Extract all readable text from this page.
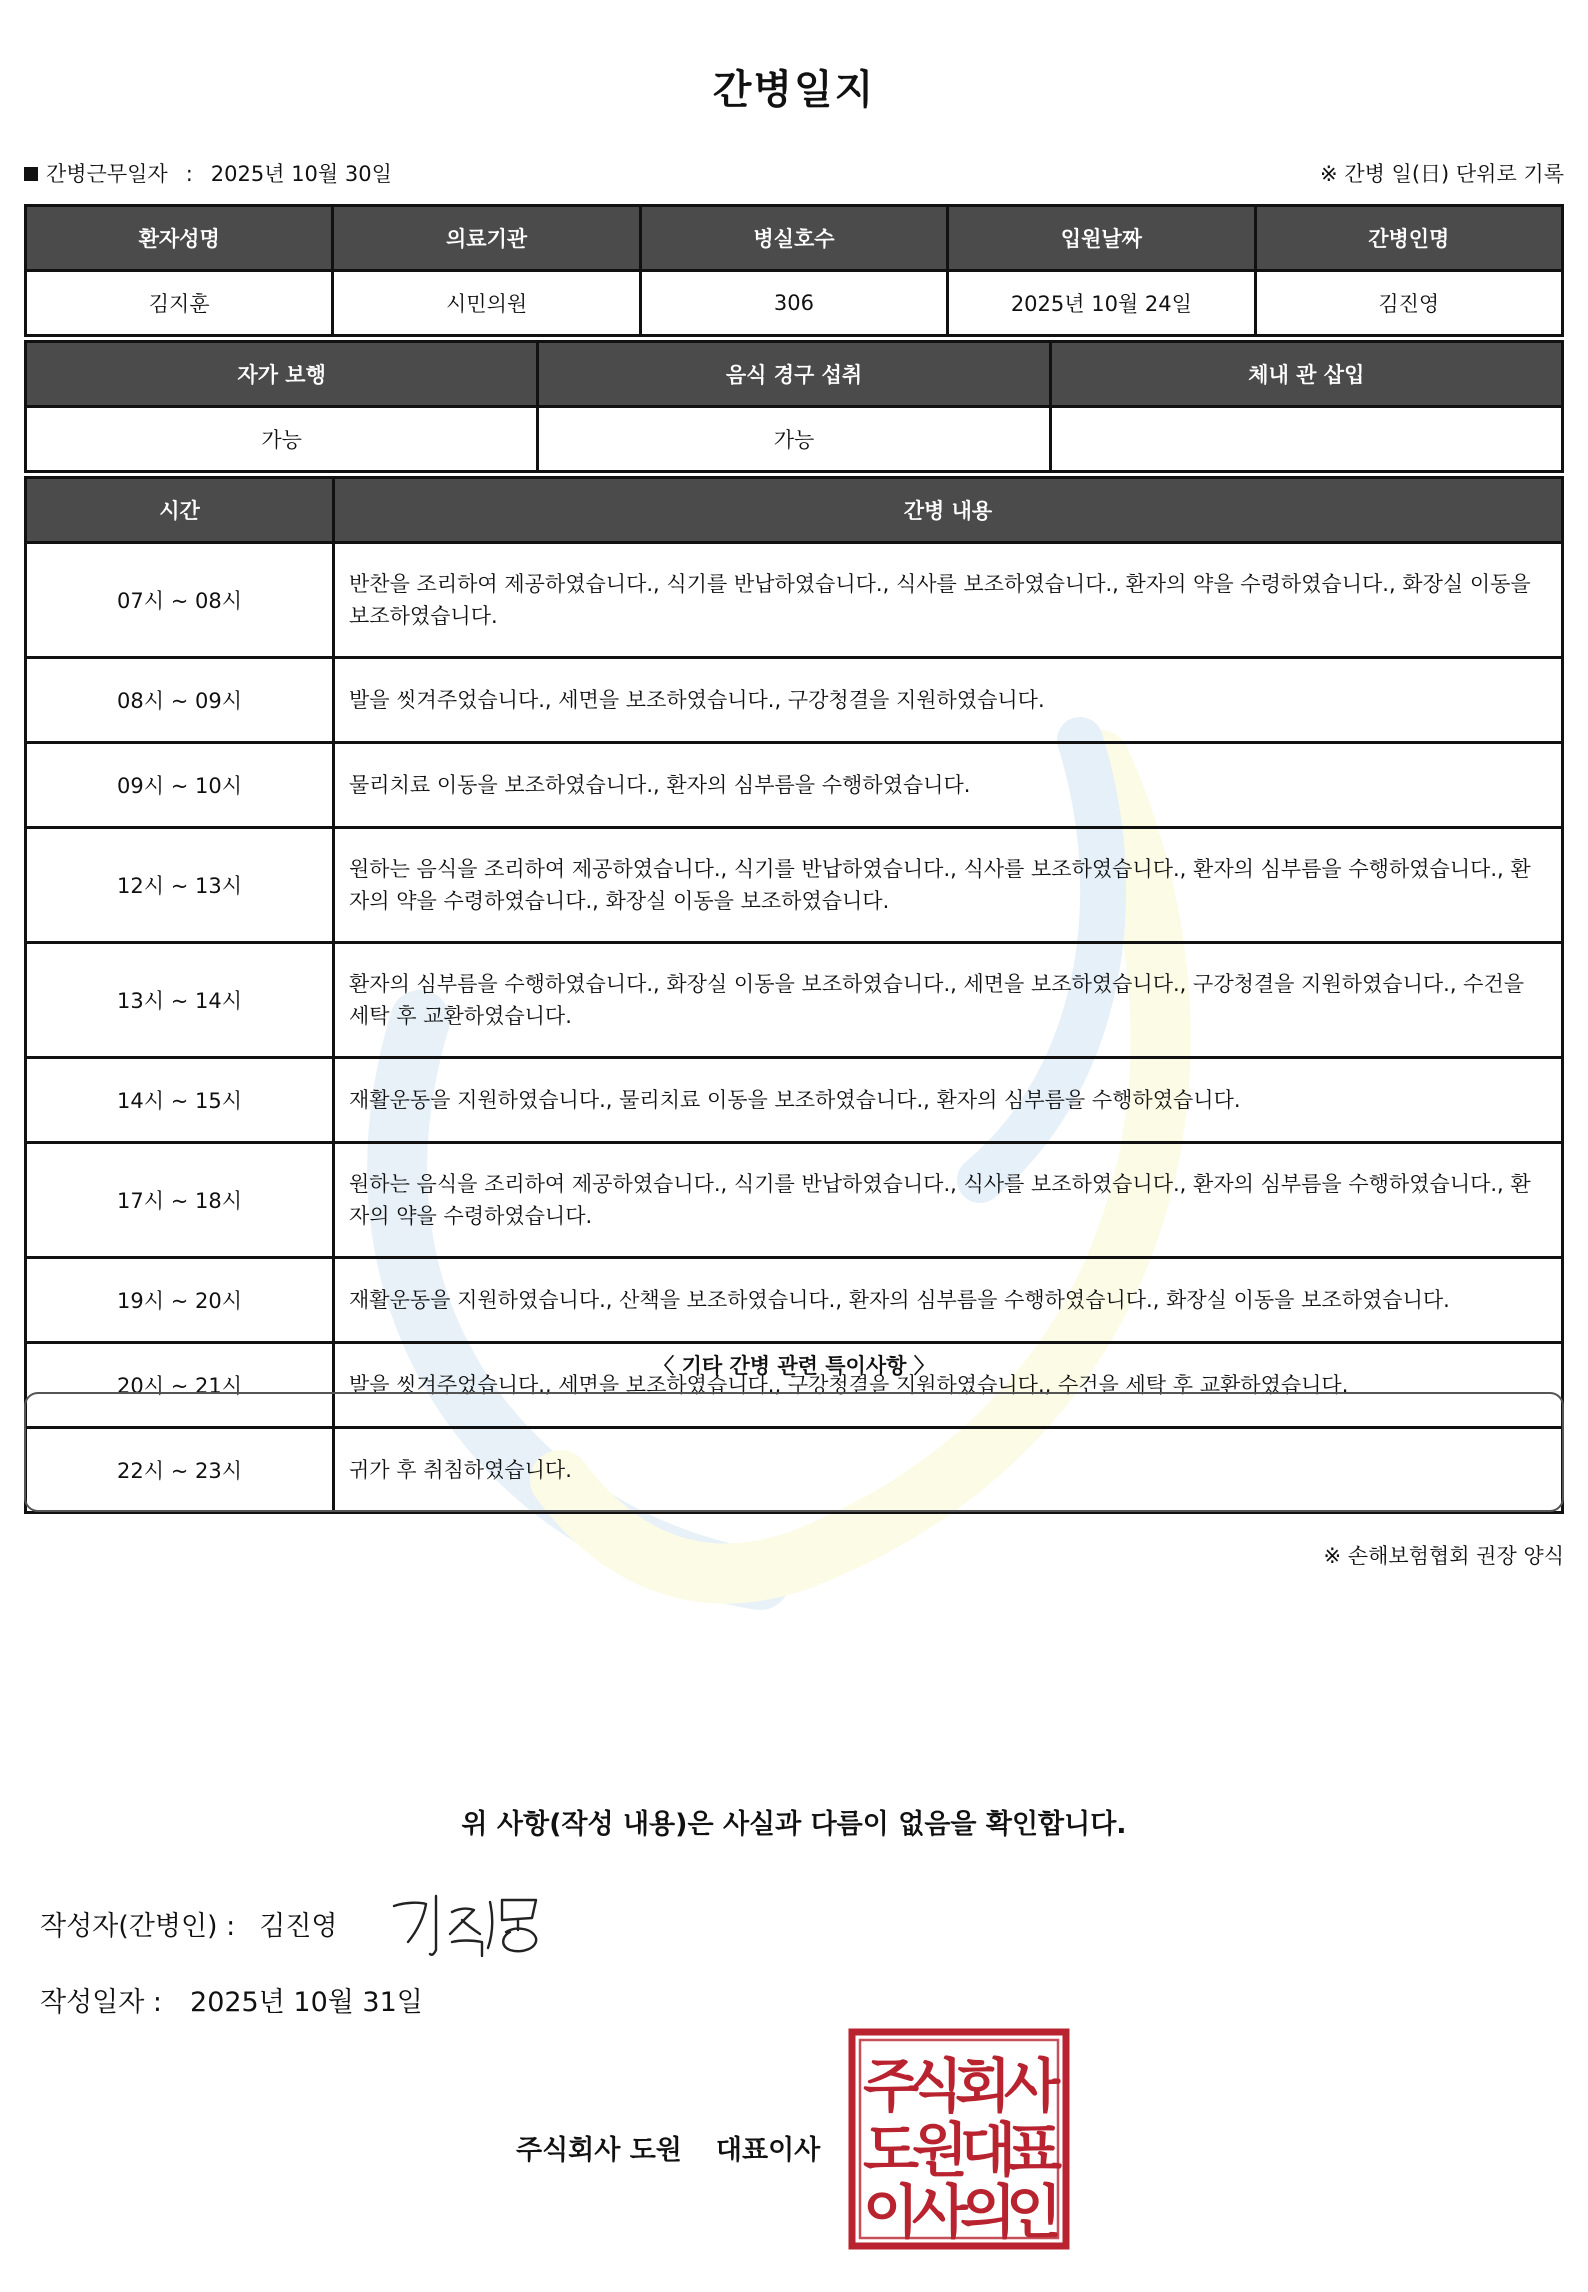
간병일지
간병근무일자 : 2025년 10월 30일	※ 간병 일(日) 단위로 기록
환자성명	의료기관	병실호수	입원날짜	간병인명
김지훈	시민의원	306	2025년 10월 24일	김진영
자가 보행	음식 경구 섭취	체내 관 삽입
가능	가능	
시간	간병 내용
07시 ~ 08시	반찬을 조리하여 제공하였습니다., 식기를 반납하였습니다., 식사를 보조하였습니다., 환자의 약을 수령하였습니다., 화장실 이동을 보조하였습니다.
08시 ~ 09시	발을 씻겨주었습니다., 세면을 보조하였습니다., 구강청결을 지원하였습니다.
09시 ~ 10시	물리치료 이동을 보조하였습니다., 환자의 심부름을 수행하였습니다.
12시 ~ 13시	원하는 음식을 조리하여 제공하였습니다., 식기를 반납하였습니다., 식사를 보조하였습니다., 환자의 심부름을 수행하였습니다., 환자의 약을 수령하였습니다., 화장실 이동을 보조하였습니다.
13시 ~ 14시	환자의 심부름을 수행하였습니다., 화장실 이동을 보조하였습니다., 세면을 보조하였습니다., 구강청결을 지원하였습니다., 수건을 세탁 후 교환하였습니다.
14시 ~ 15시	재활운동을 지원하였습니다., 물리치료 이동을 보조하였습니다., 환자의 심부름을 수행하였습니다.
17시 ~ 18시	원하는 음식을 조리하여 제공하였습니다., 식기를 반납하였습니다., 식사를 보조하였습니다., 환자의 심부름을 수행하였습니다., 환자의 약을 수령하였습니다.
19시 ~ 20시	재활운동을 지원하였습니다., 산책을 보조하였습니다., 환자의 심부름을 수행하였습니다., 화장실 이동을 보조하였습니다.
20시 ~ 21시	발을 씻겨주었습니다., 세면을 보조하였습니다., 구강청결을 지원하였습니다., 수건을 세탁 후 교환하였습니다.
22시 ~ 23시	귀가 후 취침하였습니다.
〈 기타 간병 관련 특이사항 〉
※ 손해보험협회 권장 양식
위 사항(작성 내용)은 사실과 다름이 없음을 확인합니다.
작성자(간병인) : 김진영
작성일자 : 2025년 10월 31일
주식회사 도원 대표이사
주
식
회
사
도
원
대
표
이
사
의
인
